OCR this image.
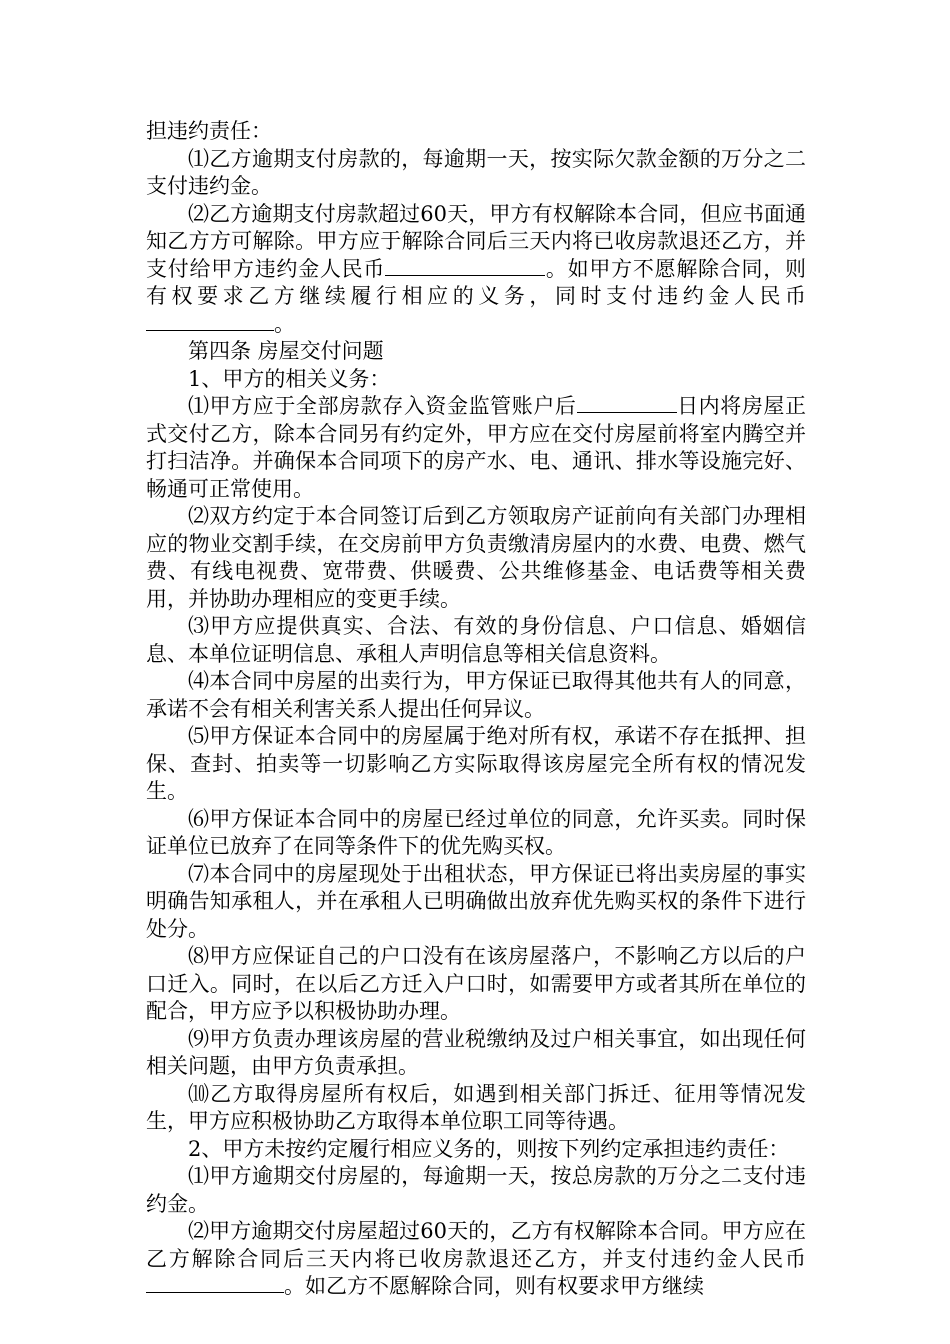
担违约责任：

⑴乙方逾期支付房款的，每逾期一天，按实际欠款金额的万分之二支付违约金。

⑵乙方逾期支付房款超过60天，甲方有权解除本合同，但应书面通知乙方方可解除。甲方应于解除合同后三天内将已收房款退还乙方，并支付给甲方违约金人民币	。如甲方不愿解除合同，则有权要求乙方继续履行相应的义务，同时支付违约金人民币。

第四条 房屋交付问题

1、甲方的相关义务：

⑴甲方应于全部房款存入资金监管账户后	日内将房屋正式交付乙方，除本合同另有约定外，甲方应在交付房屋前将室内腾空并打扫洁净。并确保本合同项下的房产水、电、通讯、排水等设施完好、畅通可正常使用。

⑵双方约定于本合同签订后到乙方领取房产证前向有关部门办理相应的物业交割手续，在交房前甲方负责缴清房屋内的水费、电费、燃气费、有线电视费、宽带费、供暖费、公共维修基金、电话费等相关费用，并协助办理相应的变更手续。

⑶甲方应提供真实、合法、有效的身份信息、户口信息、婚姻信息、本单位证明信息、承租人声明信息等相关信息资料。

⑷本合同中房屋的出卖行为，甲方保证已取得其他共有人的同意，承诺不会有相关利害关系人提出任何异议。

⑸甲方保证本合同中的房屋属于绝对所有权，承诺不存在抵押、担保、查封、拍卖等一切影响乙方实际取得该房屋完全所有权的情况发生。

⑹甲方保证本合同中的房屋已经过单位的同意，允许买卖。同时保证单位已放弃了在同等条件下的优先购买权。

⑺本合同中的房屋现处于出租状态，甲方保证已将出卖房屋的事实明确告知承租人，并在承租人已明确做出放弃优先购买权的条件下进行处分。

⑻甲方应保证自己的户口没有在该房屋落户，不影响乙方以后的户口迁入。同时，在以后乙方迁入户口时，如需要甲方或者其所在单位的配合，甲方应予以积极协助办理。

⑼甲方负责办理该房屋的营业税缴纳及过户相关事宜，如出现任何相关问题，由甲方负责承担。

⑽乙方取得房屋所有权后，如遇到相关部门拆迁、征用等情况发生，甲方应积极协助乙方取得本单位职工同等待遇。

2、甲方未按约定履行相应义务的，则按下列约定承担违约责任：

⑴甲方逾期交付房屋的，每逾期一天，按总房款的万分之二支付违约金。

⑵甲方逾期交付房屋超过60天的，乙方有权解除本合同。甲方应在乙方解除合同后三天内将已收房款退还乙方，并支付违约金人民币。如乙方不愿解除合同，则有权要求甲方继续
